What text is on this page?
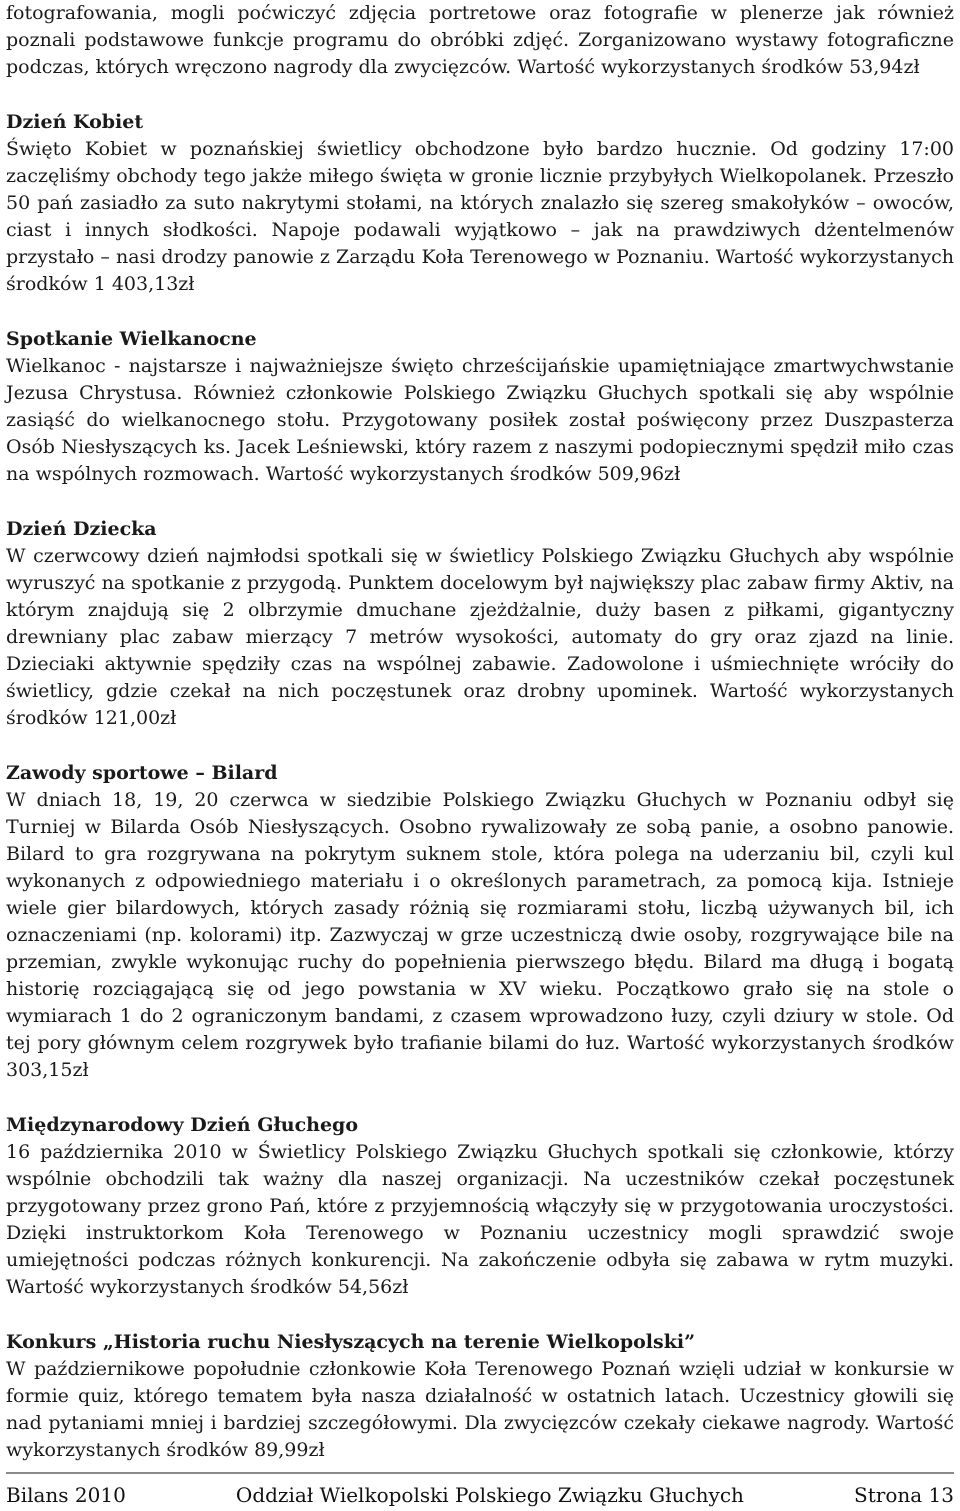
fotografowania, mogli poćwiczyć zdjęcia portretowe oraz fotografie w plenerze jak również poznali podstawowe funkcje programu do obróbki zdjęć. Zorganizowano wystawy fotograficzne podczas, których wręczono nagrody dla zwycięzców. Wartość wykorzystanych środków 53,94zł

Dzień Kobiet

Święto Kobiet w poznańskiej świetlicy obchodzone było bardzo hucznie. Od godziny 17:00 zaczęliśmy obchody tego jakże miłego święta w gronie licznie przybyłych Wielkopolanek. Przeszło 50 pań zasiadło za suto nakrytymi stołami, na których znalazło się szereg smakołyków – owoców, ciast i innych słodkości. Napoje podawali wyjątkowo – jak na prawdziwych dżentelmenów przystało – nasi drodzy panowie z Zarządu Koła Terenowego w Poznaniu. Wartość wykorzystanych środków 1 403,13zł

Spotkanie Wielkanocne

Wielkanoc - najstarsze i najważniejsze święto chrześcijańskie upamiętniające zmartwychwstanie Jezusa Chrystusa. Również członkowie Polskiego Związku Głuchych spotkali się aby wspólnie zasiąść do wielkanocnego stołu. Przygotowany posiłek został poświęcony przez Duszpasterza Osób Niesłyszących ks. Jacek Leśniewski, który razem z naszymi podopiecznymi spędził miło czas na wspólnych rozmowach. Wartość wykorzystanych środków 509,96zł

Dzień Dziecka

W czerwcowy dzień najmłodsi spotkali się w świetlicy Polskiego Związku Głuchych aby wspólnie wyruszyć na spotkanie z przygodą. Punktem docelowym był największy plac zabaw firmy Aktiv, na którym znajdują się 2 olbrzymie dmuchane zjeżdżalnie, duży basen z piłkami, gigantyczny drewniany plac zabaw mierzący 7 metrów wysokości, automaty do gry oraz zjazd na linie. Dzieciaki aktywnie spędziły czas na wspólnej zabawie. Zadowolone i uśmiechnięte wróciły do świetlicy, gdzie czekał na nich poczęstunek oraz drobny upominek. Wartość wykorzystanych środków 121,00zł

Zawody sportowe – Bilard

W dniach 18, 19, 20 czerwca w siedzibie Polskiego Związku Głuchych w Poznaniu odbył się Turniej w Bilarda Osób Niesłyszących. Osobno rywalizowały ze sobą panie, a osobno panowie. Bilard to gra rozgrywana na pokrytym suknem stole, która polega na uderzaniu bil, czyli kul wykonanych z odpowiedniego materiału i o określonych parametrach, za pomocą kija. Istnieje wiele gier bilardowych, których zasady różnią się rozmiarami stołu, liczbą używanych bil, ich oznaczeniami (np. kolorami) itp. Zazwyczaj w grze uczestniczą dwie osoby, rozgrywające bile na przemian, zwykle wykonując ruchy do popełnienia pierwszego błędu. Bilard ma długą i bogatą historię rozciągającą się od jego powstania w XV wieku. Początkowo grało się na stole o wymiarach 1 do 2 ograniczonym bandami, z czasem wprowadzono łuzy, czyli dziury w stole. Od tej pory głównym celem rozgrywek było trafianie bilami do łuz. Wartość wykorzystanych środków 303,15zł

Międzynarodowy Dzień Głuchego

16 października 2010 w Świetlicy Polskiego Związku Głuchych spotkali się członkowie, którzy wspólnie obchodzili tak ważny dla naszej organizacji. Na uczestników czekał poczęstunek przygotowany przez grono Pań, które z przyjemnością włączyły się w przygotowania uroczystości. Dzięki instruktorkom Koła Terenowego w Poznaniu uczestnicy mogli sprawdzić swoje umiejętności podczas różnych konkurencji. Na zakończenie odbyła się zabawa w rytm muzyki. Wartość wykorzystanych środków 54,56zł

Konkurs „Historia ruchu Niesłyszących na terenie Wielkopolski”

W październikowe popołudnie członkowie Koła Terenowego Poznań wzięli udział w konkursie w formie quiz, którego tematem była nasza działalność w ostatnich latach. Uczestnicy głowili się nad pytaniami mniej i bardziej szczegółowymi. Dla zwycięzców czekały ciekawe nagrody. Wartość wykorzystanych środków 89,99zł

Bilans 2010	Oddział Wielkopolski Polskiego Związku Głuchych	Strona 13
